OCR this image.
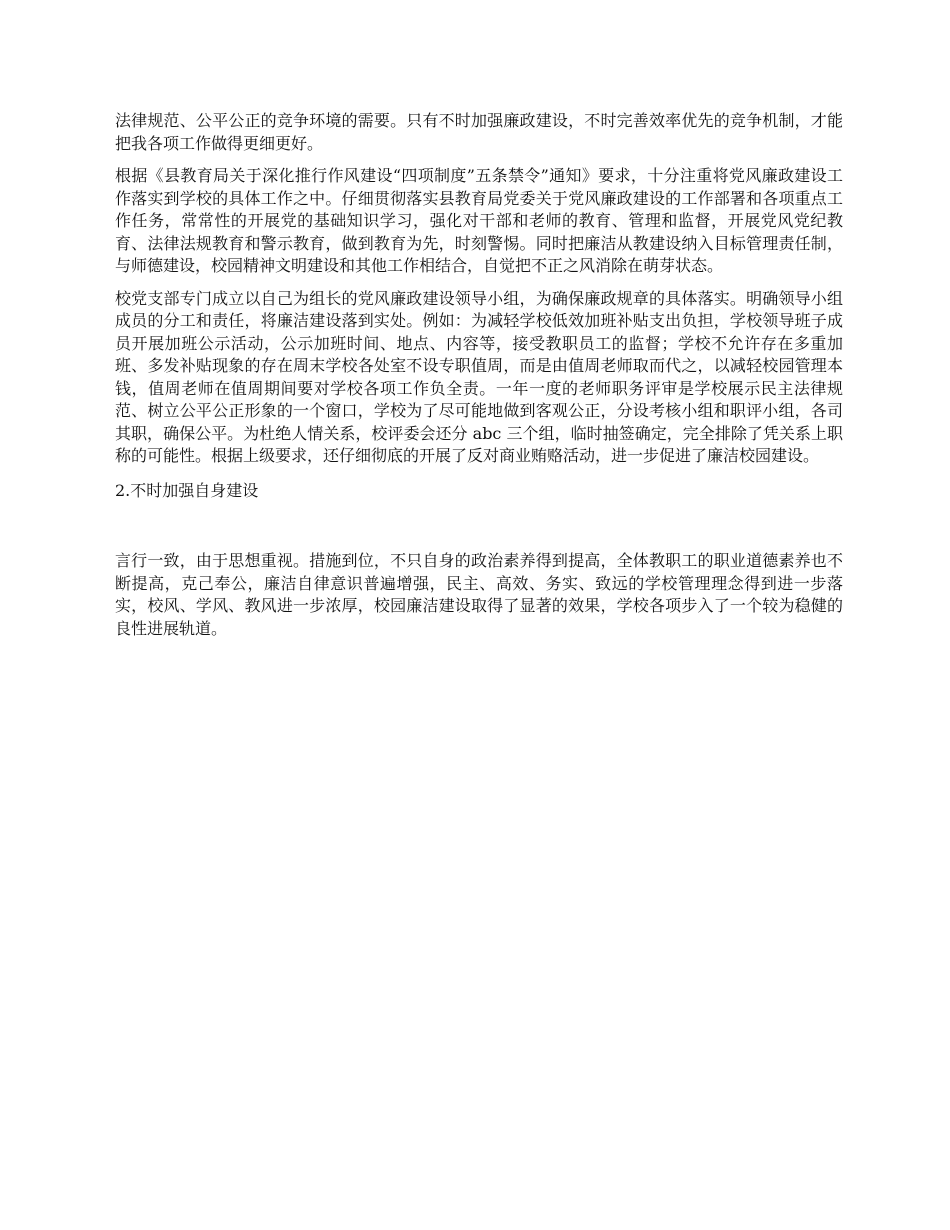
法律规范、公平公正的竞争环境的需要。只有不时加强廉政建设，不时完善效率优先的竞争机制，才能把我各项工作做得更细更好。

根据《县教育局关于深化推行作风建设“四项制度”五条禁令”通知》要求，十分注重将党风廉政建设工作落实到学校的具体工作之中。仔细贯彻落实县教育局党委关于党风廉政建设的工作部署和各项重点工作任务，常常性的开展党的基础知识学习，强化对干部和老师的教育、管理和监督，开展党风党纪教育、法律法规教育和警示教育，做到教育为先，时刻警惕。同时把廉洁从教建设纳入目标管理责任制，与师德建设，校园精神文明建设和其他工作相结合，自觉把不正之风消除在萌芽状态。

校党支部专门成立以自己为组长的党风廉政建设领导小组，为确保廉政规章的具体落实。明确领导小组成员的分工和责任，将廉洁建设落到实处。例如：为减轻学校低效加班补贴支出负担，学校领导班子成员开展加班公示活动，公示加班时间、地点、内容等，接受教职员工的监督；学校不允许存在多重加班、多发补贴现象的存在周末学校各处室不设专职值周，而是由值周老师取而代之，以减轻校园管理本钱，值周老师在值周期间要对学校各项工作负全责。一年一度的老师职务评审是学校展示民主法律规范、树立公平公正形象的一个窗口，学校为了尽可能地做到客观公正，分设考核小组和职评小组，各司其职，确保公平。为杜绝人情关系，校评委会还分 abc 三个组，临时抽签确定，完全排除了凭关系上职称的可能性。根据上级要求，还仔细彻底的开展了反对商业贿赂活动，进一步促进了廉洁校园建设。

2.不时加强自身建设

言行一致，由于思想重视。措施到位，不只自身的政治素养得到提高，全体教职工的职业道德素养也不断提高，克己奉公，廉洁自律意识普遍增强，民主、高效、务实、致远的学校管理理念得到进一步落实，校风、学风、教风进一步浓厚，校园廉洁建设取得了显著的效果，学校各项步入了一个较为稳健的良性进展轨道。
